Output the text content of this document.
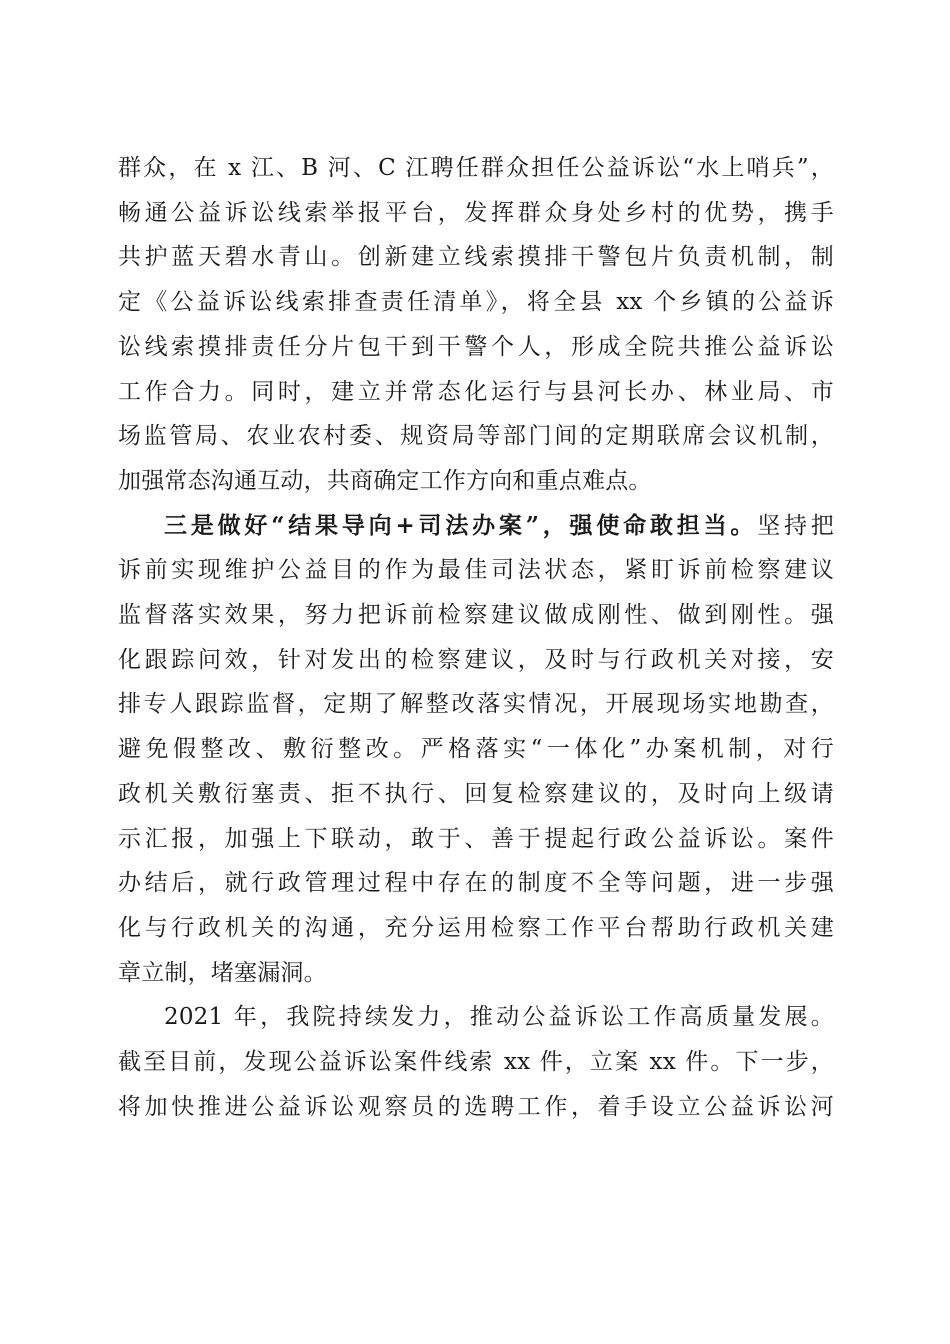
群众，在 x 江、B 河、C 江聘任群众担任公益诉讼“水上哨兵”，
畅通公益诉讼线索举报平台，发挥群众身处乡村的优势，携手
共护蓝天碧水青山。创新建立线索摸排干警包片负责机制，制
定《公益诉讼线索排查责任清单》，将全县 xx 个乡镇的公益诉
讼线索摸排责任分片包干到干警个人，形成全院共推公益诉讼
工作合力。同时，建立并常态化运行与县河长办、林业局、市
场监管局、农业农村委、规资局等部门间的定期联席会议机制，
加强常态沟通互动，共商确定工作方向和重点难点。
三是做好“结果导向+司法办案”，强使命敢担当。坚持把
诉前实现维护公益目的作为最佳司法状态，紧盯诉前检察建议
监督落实效果，努力把诉前检察建议做成刚性、做到刚性。强
化跟踪问效，针对发出的检察建议，及时与行政机关对接，安
排专人跟踪监督，定期了解整改落实情况，开展现场实地勘查，
避免假整改、敷衍整改。严格落实“一体化”办案机制，对行
政机关敷衍塞责、拒不执行、回复检察建议的，及时向上级请
示汇报，加强上下联动，敢于、善于提起行政公益诉讼。案件
办结后，就行政管理过程中存在的制度不全等问题，进一步强
化与行政机关的沟通，充分运用检察工作平台帮助行政机关建
章立制，堵塞漏洞。
2021 年，我院持续发力，推动公益诉讼工作高质量发展。
截至目前，发现公益诉讼案件线索 xx 件，立案 xx 件。下一步，
将加快推进公益诉讼观察员的选聘工作，着手设立公益诉讼河
